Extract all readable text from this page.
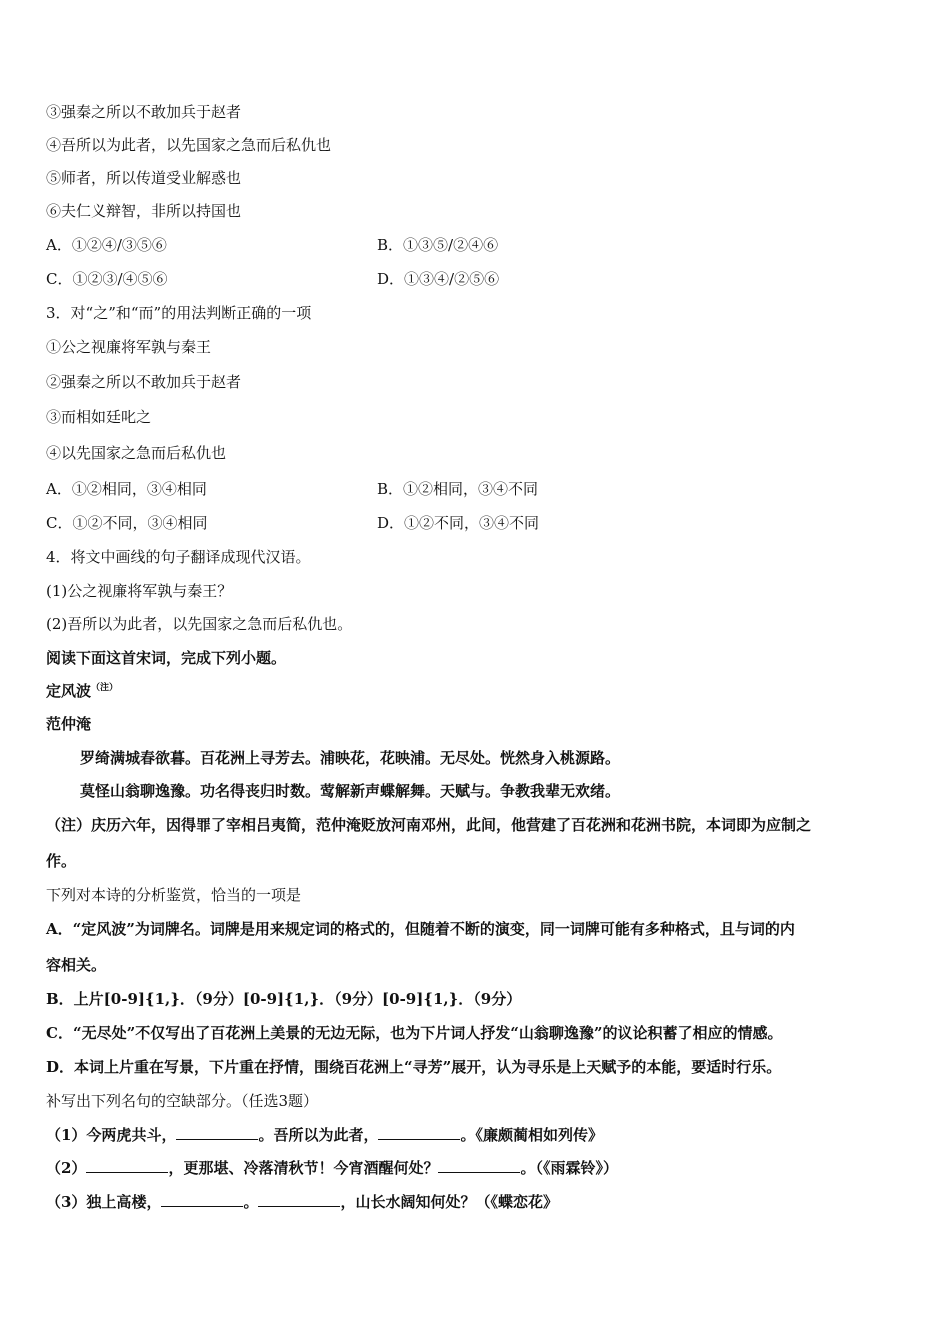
③强秦之所以不敢加兵于赵者
④吾所以为此者，以先国家之急而后私仇也
⑤师者，所以传道受业解惑也
⑥夫仁义辩智，非所以持国也
A．①②④/③⑤⑥	B．①③⑤/②④⑥
C．①②③/④⑤⑥	D．①③④/②⑤⑥
3．对“之”和“而”的用法判断正确的一项
①公之视廉将军孰与秦王
②强秦之所以不敢加兵于赵者
③而相如廷叱之
④以先国家之急而后私仇也
A．①②相同，③④相同	B．①②相同，③④不同
C．①②不同，③④相同	D．①②不同，③④不同
4．将文中画线的句子翻译成现代汉语。
(1)公之视廉将军孰与秦王？
(2)吾所以为此者，以先国家之急而后私仇也。
阅读下面这首宋词，完成下列小题。
定风波$^{(注)}$
范仲淹
罗绮满城春欲暮。百花洲上寻芳去。浦映花，花映浦。无尽处。恍然身入桃源路。
莫怪山翁聊逸豫。功名得丧归时数。莺解新声蝶解舞。天赋与。争教我辈无欢绪。
（注）庆历六年，因得罪了宰相吕夷简，范仲淹贬放河南邓州，此间，他营建了百花洲和花洲书院，本词即为应制之
作。
下列对本诗的分析鉴赏，恰当的一项是
A．“定风波”为词牌名。词牌是用来规定词的格式的，但随着不断的演变，同一词牌可能有多种格式，且与词的内
容相关。
B．上片[0-9]{1,}．（9分）[0-9]{1,}．（9分）[0-9]{1,}．（9分）
C．“无尽处”不仅写出了百花洲上美景的无边无际，也为下片词人抒发“山翁聊逸豫”的议论积蓄了相应的情感。
D．本词上片重在写景，下片重在抒情，围绕百花洲上“寻芳”展开，认为寻乐是上天赋予的本能，要适时行乐。
补写出下列名句的空缺部分。（任选3题）
（1）今两虎共斗，	。吾所以为此者，	。《廉颇蔺相如列传》
（2）	，更那堪、冷落清秋节！今宵酒醒何处？	。（《雨霖铃》）
（3）独上高楼，	。	，山长水阔知何处？（《蝶恋花》
